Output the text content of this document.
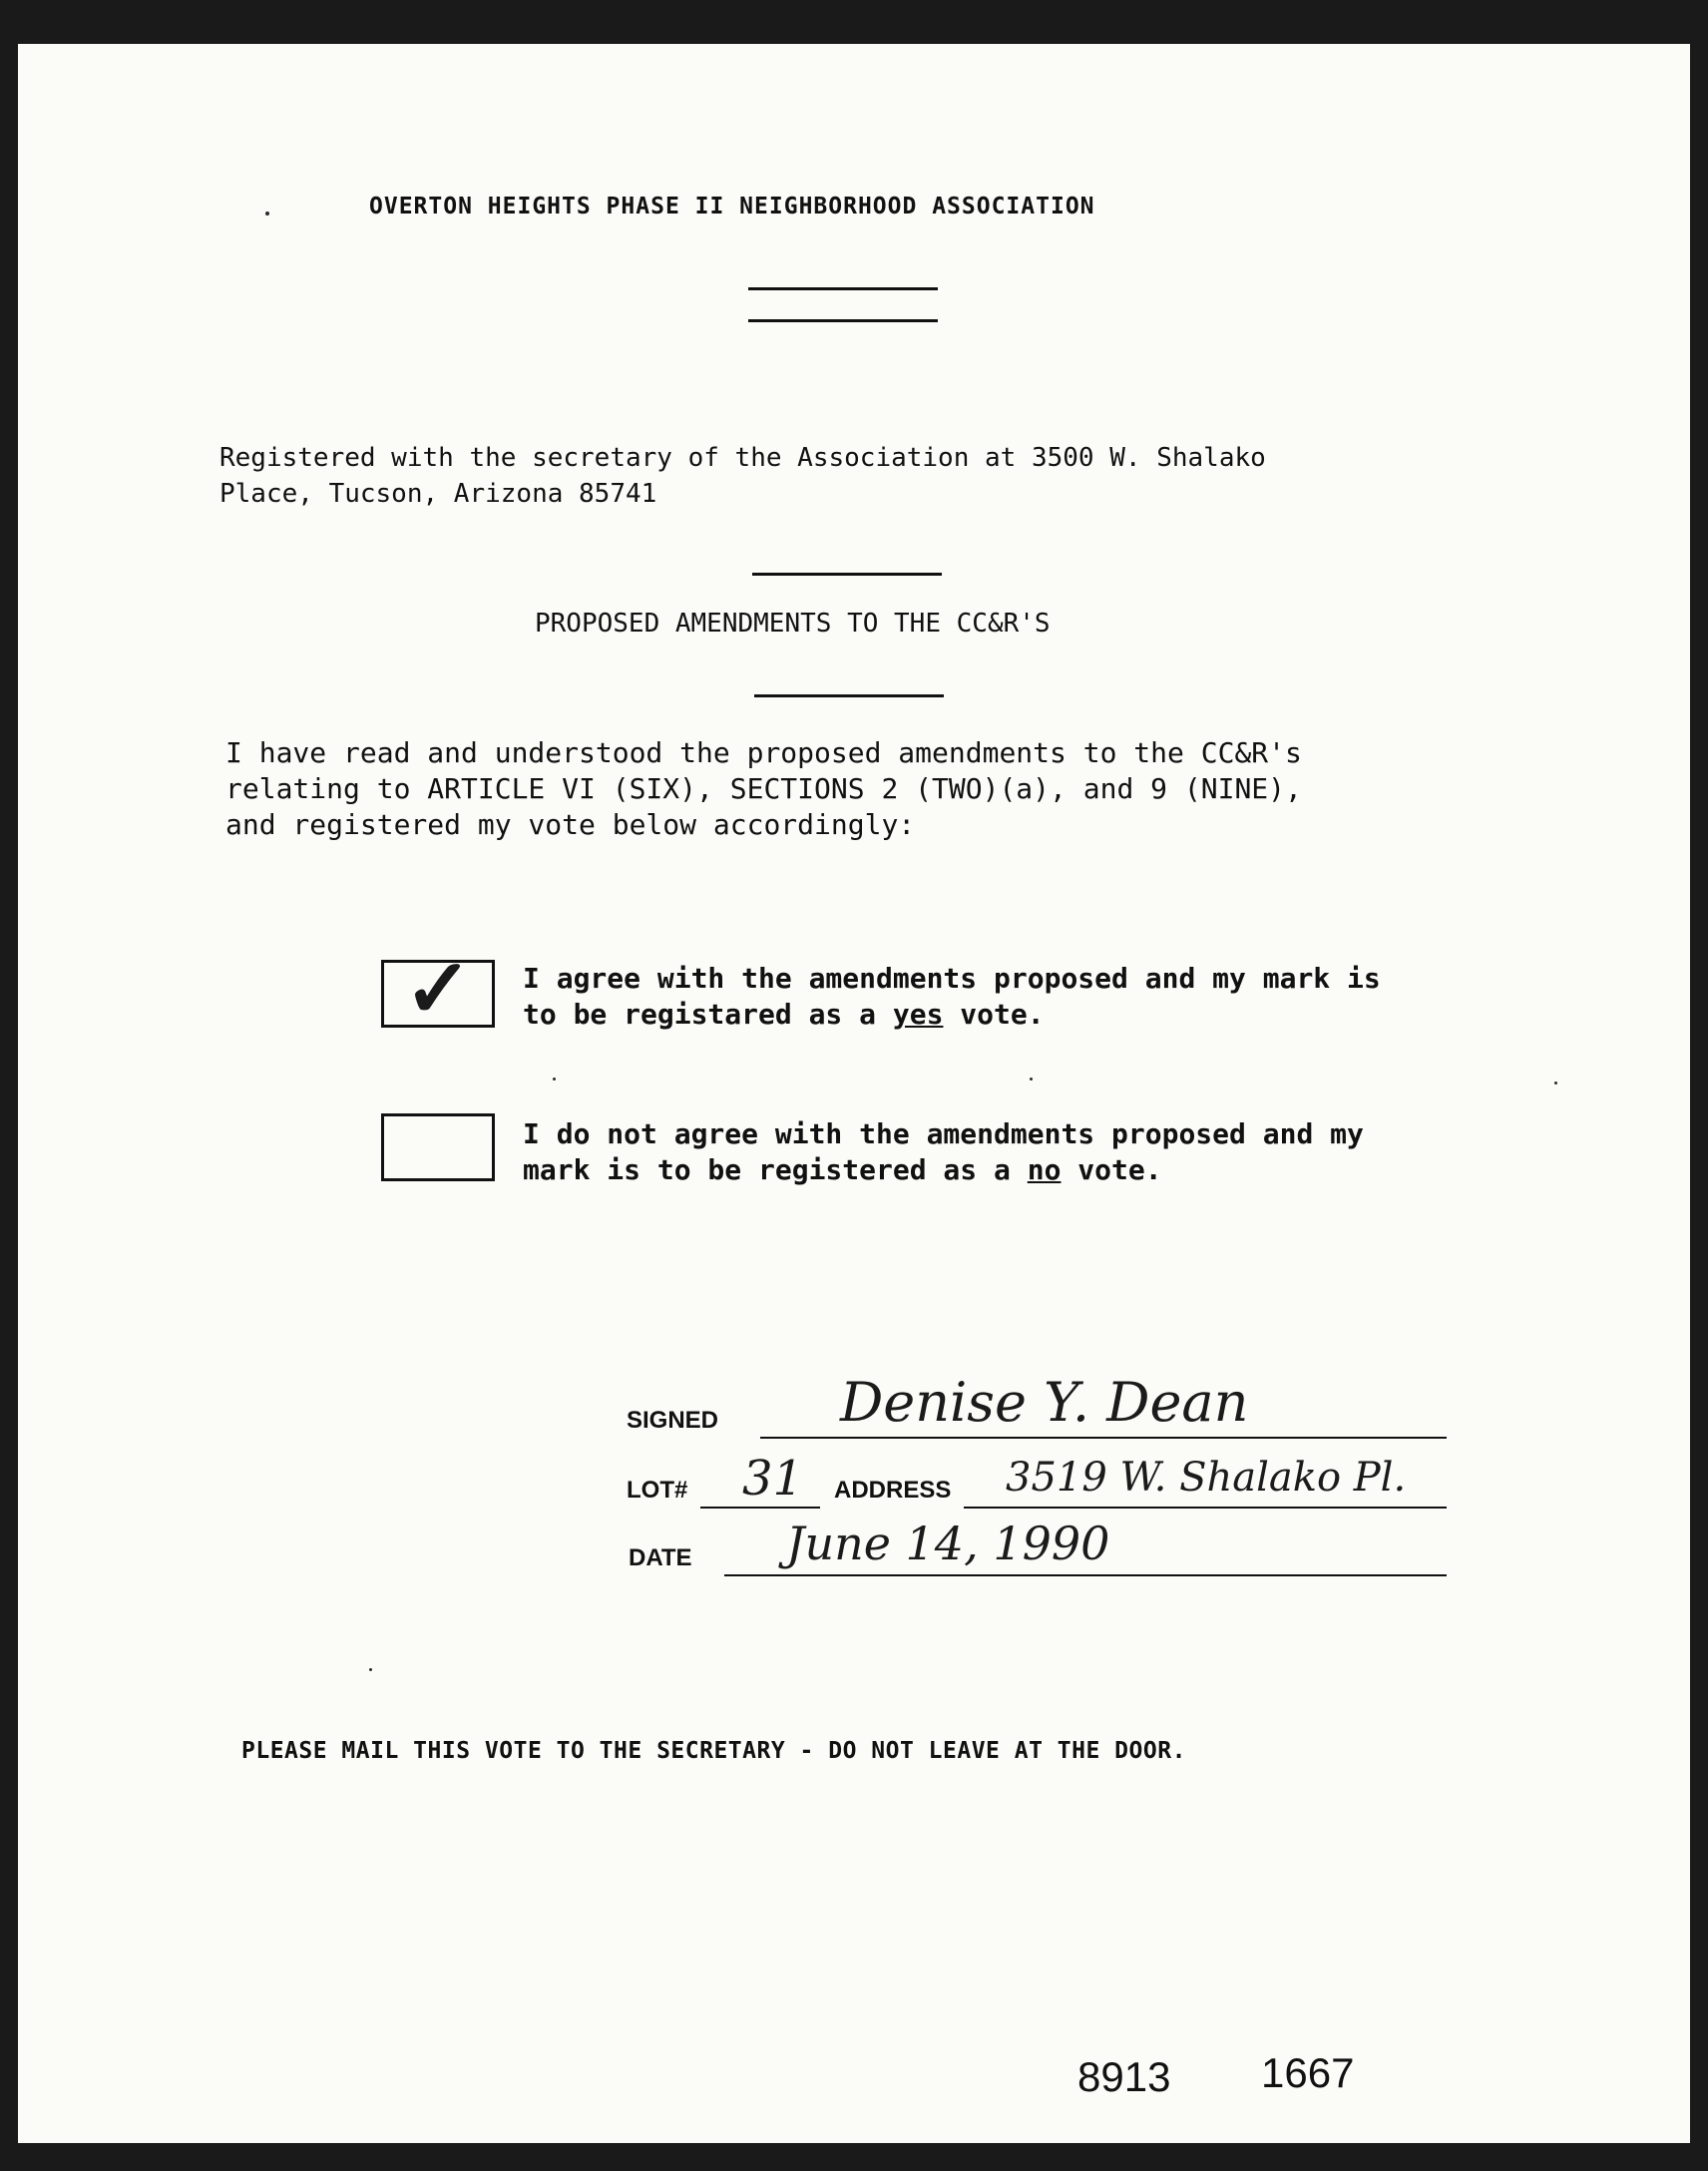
OVERTON HEIGHTS PHASE II NEIGHBORHOOD ASSOCIATION
Registered with the secretary of the Association at 3500 W. Shalako
Place, Tucson, Arizona 85741
PROPOSED AMENDMENTS TO THE CC&R'S
I have read and understood the proposed amendments to the CC&R's
relating to ARTICLE VI (SIX), SECTIONS 2 (TWO)(a), and 9 (NINE),
and registered my vote below accordingly:
✓ I agree with the amendments proposed and my mark is
to be registared as a yes vote.
I do not agree with the amendments proposed and my
mark is to be registered as a no vote.
SIGNED Denise Y. Dean
LOT# 31 ADDRESS 3519 W. Shalako Pl.
DATE June 14, 1990
PLEASE MAIL THIS VOTE TO THE SECRETARY - DO NOT LEAVE AT THE DOOR.
8913 1667
